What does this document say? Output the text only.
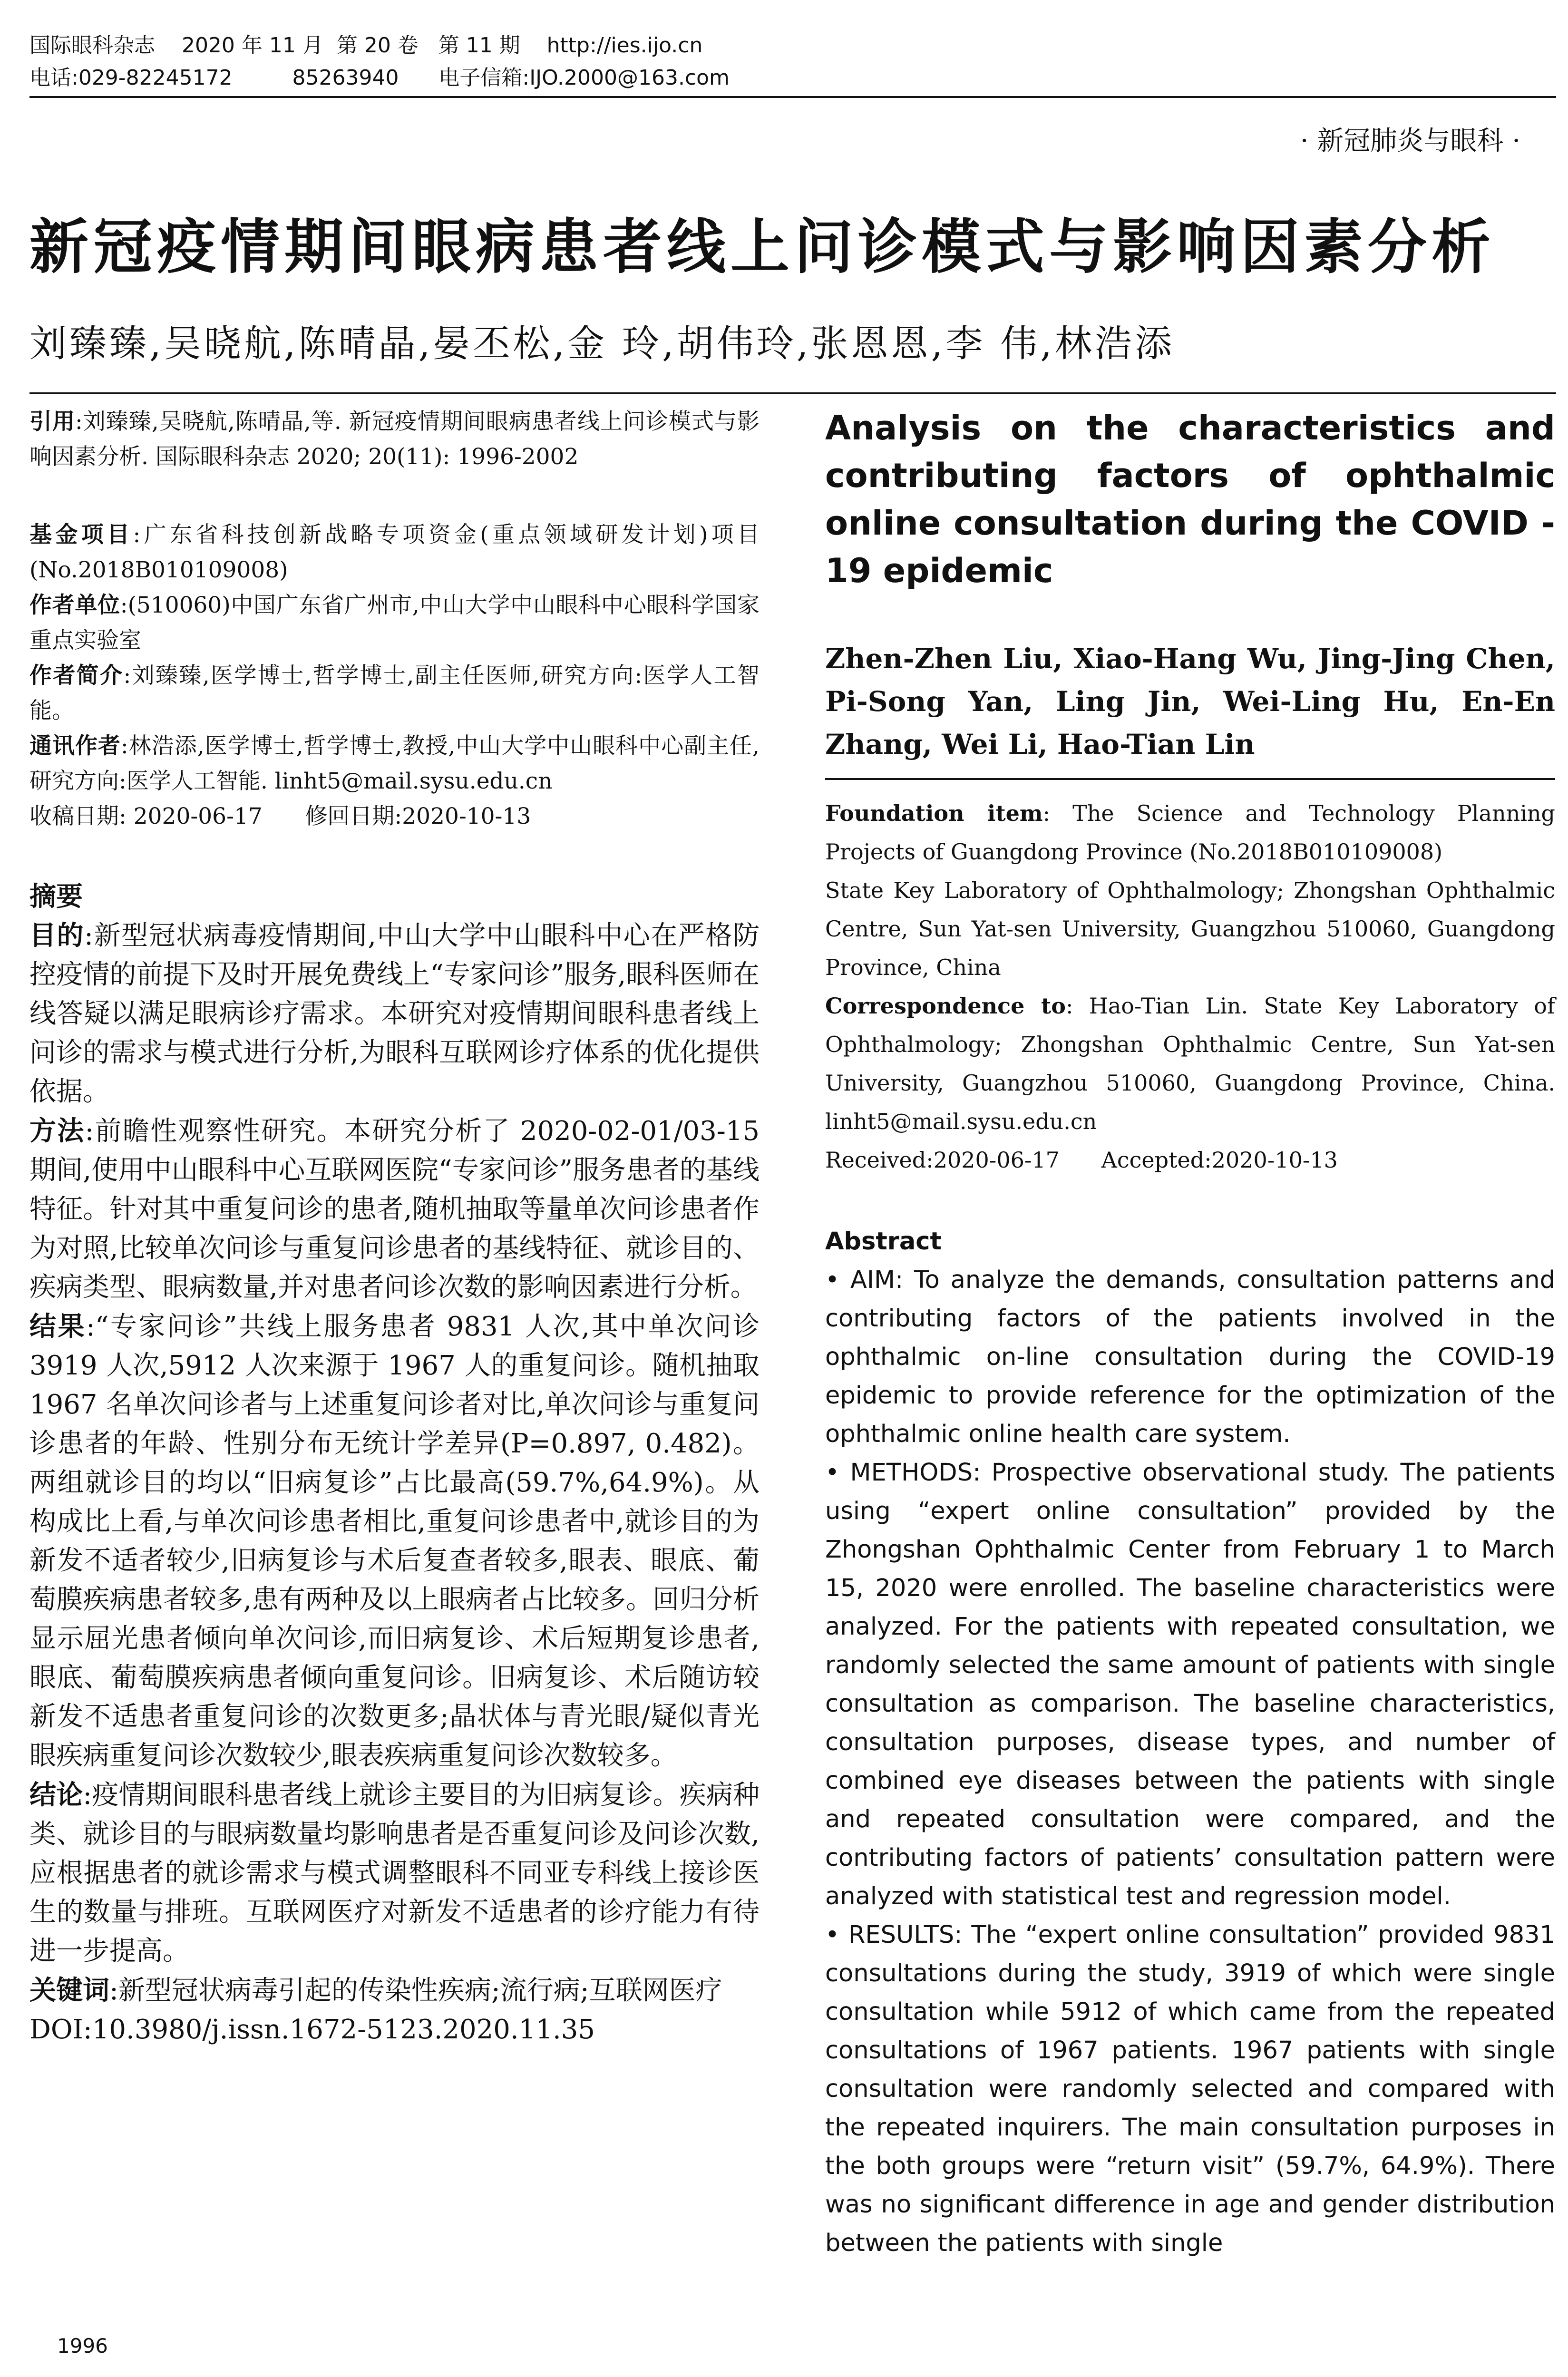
国际眼科杂志    2020 年 11 月  第 20 卷   第 11 期    http://ies.ijo.cn
电话:029-82245172         85263940      电子信箱:IJO.2000@163.com
· 新冠肺炎与眼科 ·
新冠疫情期间眼病患者线上问诊模式与影响因素分析
刘臻臻,吴晓航,陈晴晶,晏丕松,金 玲,胡伟玲,张恩恩,李 伟,林浩添

引用:刘臻臻,吴晓航,陈晴晶,等. 新冠疫情期间眼病患者线上问诊模式与影响因素分析. 国际眼科杂志 2020; 20(11): 1996-2002

基金项目:广东省科技创新战略专项资金(重点领域研发计划)项目(No.2018B010109008)

作者单位:(510060)中国广东省广州市,中山大学中山眼科中心眼科学国家重点实验室

作者简介:刘臻臻,医学博士,哲学博士,副主任医师,研究方向:医学人工智能。

通讯作者:林浩添,医学博士,哲学博士,教授,中山大学中山眼科中心副主任,研究方向:医学人工智能. linht5@mail.sysu.edu.cn

收稿日期: 2020-06-17      修回日期:2020-10-13

摘要

目的:新型冠状病毒疫情期间,中山大学中山眼科中心在严格防控疫情的前提下及时开展免费线上“专家问诊”服务,眼科医师在线答疑以满足眼病诊疗需求。本研究对疫情期间眼科患者线上问诊的需求与模式进行分析,为眼科互联网诊疗体系的优化提供依据。

方法:前瞻性观察性研究。本研究分析了 2020-02-01/03-15期间,使用中山眼科中心互联网医院“专家问诊”服务患者的基线特征。针对其中重复问诊的患者,随机抽取等量单次问诊患者作为对照,比较单次问诊与重复问诊患者的基线特征、就诊目的、疾病类型、眼病数量,并对患者问诊次数的影响因素进行分析。

结果:“专家问诊”共线上服务患者 9831 人次,其中单次问诊 3919 人次,5912 人次来源于 1967 人的重复问诊。随机抽取 1967 名单次问诊者与上述重复问诊者对比,单次问诊与重复问诊患者的年龄、性别分布无统计学差异(P=0.897, 0.482)。两组就诊目的均以“旧病复诊”占比最高(59.7%,64.9%)。从构成比上看,与单次问诊患者相比,重复问诊患者中,就诊目的为新发不适者较少,旧病复诊与术后复查者较多,眼表、眼底、葡萄膜疾病患者较多,患有两种及以上眼病者占比较多。回归分析显示屈光患者倾向单次问诊,而旧病复诊、术后短期复诊患者,眼底、葡萄膜疾病患者倾向重复问诊。旧病复诊、术后随访较新发不适患者重复问诊的次数更多;晶状体与青光眼/疑似青光眼疾病重复问诊次数较少,眼表疾病重复问诊次数较多。

结论:疫情期间眼科患者线上就诊主要目的为旧病复诊。疾病种类、就诊目的与眼病数量均影响患者是否重复问诊及问诊次数,应根据患者的就诊需求与模式调整眼科不同亚专科线上接诊医生的数量与排班。互联网医疗对新发不适患者的诊疗能力有待进一步提高。

关键词:新型冠状病毒引起的传染性疾病;流行病;互联网医疗

DOI:10.3980/j.issn.1672-5123.2020.11.35

Analysis on the characteristics and contributing factors of ophthalmic online consultation during the COVID - 19 epidemic

Zhen-Zhen Liu, Xiao-Hang Wu, Jing-Jing Chen, Pi-Song Yan, Ling Jin, Wei-Ling Hu, En-En Zhang, Wei Li, Hao-Tian Lin

Foundation item: The Science and Technology Planning Projects of Guangdong Province (No.2018B010109008)

State Key Laboratory of Ophthalmology; Zhongshan Ophthalmic Centre, Sun Yat-sen University, Guangzhou 510060, Guangdong Province, China

Correspondence to: Hao-Tian Lin. State Key Laboratory of Ophthalmology; Zhongshan Ophthalmic Centre, Sun Yat-sen University, Guangzhou 510060, Guangdong Province, China. linht5@mail.sysu.edu.cn

Received:2020-06-17      Accepted:2020-10-13

Abstract

• AIM: To analyze the demands, consultation patterns and contributing factors of the patients involved in the ophthalmic on-line consultation during the COVID-19 epidemic to provide reference for the optimization of the ophthalmic online health care system.

• METHODS: Prospective observational study. The patients using “expert online consultation” provided by the Zhongshan Ophthalmic Center from February 1 to March 15, 2020 were enrolled. The baseline characteristics were analyzed. For the patients with repeated consultation, we randomly selected the same amount of patients with single consultation as comparison. The baseline characteristics, consultation purposes, disease types, and number of combined eye diseases between the patients with single and repeated consultation were compared, and the contributing factors of patients’ consultation pattern were analyzed with statistical test and regression model.

• RESULTS: The “expert online consultation” provided 9831 consultations during the study, 3919 of which were single consultation while 5912 of which came from the repeated consultations of 1967 patients. 1967 patients with single consultation were randomly selected and compared with the repeated inquirers. The main consultation purposes in the both groups were “return visit” (59.7%, 64.9%). There was no significant difference in age and gender distribution between the patients with single

1996
